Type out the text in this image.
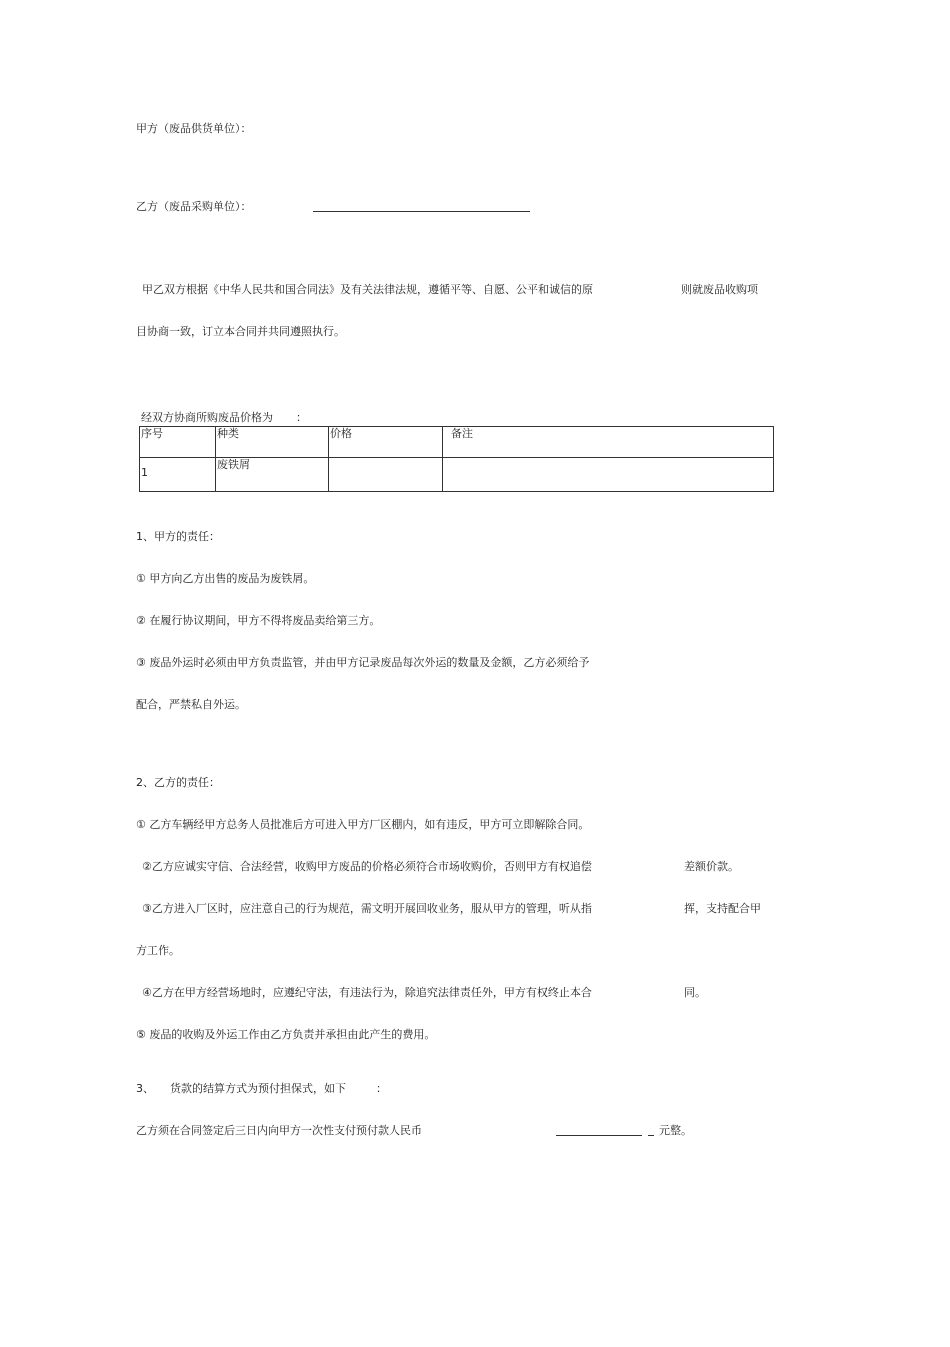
甲方（废品供货单位）：
乙方（废品采购单位）：
甲乙双方根据《中华人民共和国合同法》及有关法律法规，遵循平等、自愿、公平和诚信的原	则就废品收购项
目协商一致，订立本合同并共同遵照执行。
经双方协商所购废品价格为 ：
序号	种类	价格	备注
1	废铁屑		
1、甲方的责任：
① 甲方向乙方出售的废品为废铁屑。
② 在履行协议期间，甲方不得将废品卖给第三方。
③ 废品外运时必须由甲方负责监管，并由甲方记录废品每次外运的数量及金额，乙方必须给予
配合，严禁私自外运。
2、乙方的责任：
① 乙方车辆经甲方总务人员批准后方可进入甲方厂区棚内，如有违反，甲方可立即解除合同。
②乙方应诚实守信、合法经营，收购甲方废品的价格必须符合市场收购价，否则甲方有权追偿	差额价款。
③乙方进入厂区时，应注意自己的行为规范，需文明开展回收业务，服从甲方的管理，听从指	挥，支持配合甲
方工作。
④乙方在甲方经营场地时，应遵纪守法，有违法行为，除追究法律责任外，甲方有权终止本合	同。
⑤ 废品的收购及外运工作由乙方负责并承担由此产生的费用。
3、 货款的结算方式为预付担保式，如下	：
乙方须在合同签定后三日内向甲方一次性支付预付款人民币	元整。
